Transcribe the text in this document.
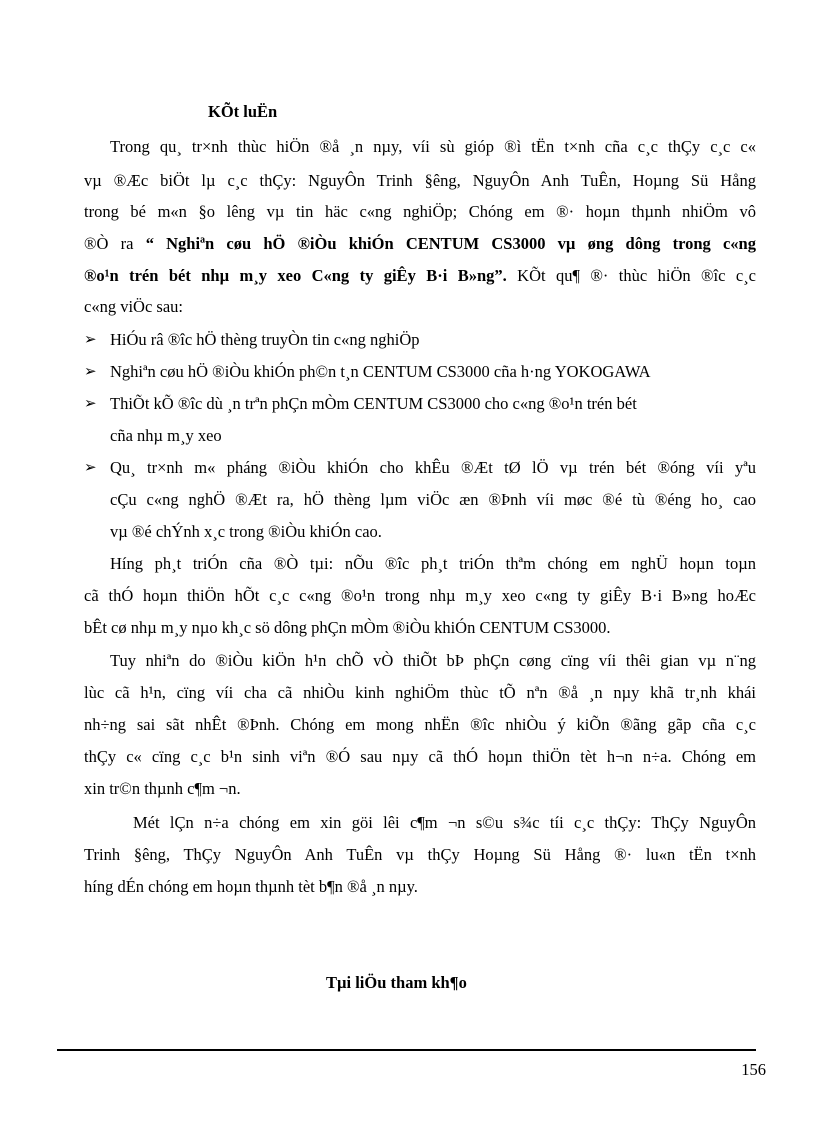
KÕt luËn
Trong qu¸ tr×nh thùc hiÖn ®å ¸n nµy, víi sù gióp ®ì tËn t×nh cña c¸c thÇy c¸c c«
vµ ®Æc biÖt lµ c¸c thÇy: NguyÔn Trinh §êng, NguyÔn Anh TuÊn, Hoµng Sü Hång
trong bé m«n §o lêng vµ tin häc c«ng nghiÖp; Chóng em ®· hoµn thµnh nhiÖm vô
®Ò ra “ Nghiªn cøu hÖ ®iÒu khiÓn CENTUM CS3000 vµ øng dông trong c«ng
®o¹n trén bét nhµ m¸y xeo C«ng ty giÊy B·i B»ng”. KÕt qu¶ ®· thùc hiÖn ®îc c¸c
c«ng viÖc sau:
➢ HiÓu râ ®îc hÖ thèng truyÒn tin c«ng nghiÖp
➢ Nghiªn cøu hÖ ®iÒu khiÓn ph©n t¸n CENTUM CS3000 cña h·ng YOKOGAWA
➢ ThiÕt kÕ ®îc dù ¸n trªn phÇn mÒm CENTUM CS3000 cho c«ng ®o¹n trén bét
cña nhµ m¸y xeo
➢ Qu¸ tr×nh m« pháng ®iÒu khiÓn cho khÊu ®Æt tØ lÖ vµ trén bét ®óng víi yªu
cÇu c«ng nghÖ ®Æt ra, hÖ thèng lµm viÖc æn ®Þnh víi møc ®é tù ®éng ho¸ cao
vµ ®é chÝnh x¸c trong ®iÒu khiÓn cao.
Híng ph¸t triÓn cña ®Ò tµi: nÕu ®îc ph¸t triÓn thªm chóng em nghÜ hoµn toµn
cã thÓ hoµn thiÖn hÕt c¸c c«ng ®o¹n trong nhµ m¸y xeo c«ng ty giÊy B·i B»ng hoÆc
bÊt cø nhµ m¸y nµo kh¸c sö dông phÇn mÒm ®iÒu khiÓn CENTUM CS3000.
Tuy nhiªn do ®iÒu kiÖn h¹n chÕ vÒ thiÕt bÞ phÇn cøng cïng víi thêi gian vµ n¨ng
lùc cã h¹n, cïng víi cha cã nhiÒu kinh nghiÖm thùc tÕ nªn ®å ¸n nµy khã tr¸nh khái
nh÷ng sai sãt nhÊt ®Þnh. Chóng em mong nhËn ®îc nhiÒu ý kiÕn ®ãng gãp cña c¸c
thÇy c« cïng c¸c b¹n sinh viªn ®Ó sau nµy cã thÓ hoµn thiÖn tèt h¬n n÷a. Chóng em
xin tr©n thµnh c¶m ¬n.
Mét lÇn n÷a chóng em xin göi lêi c¶m ¬n s©u s¾c tíi c¸c thÇy: ThÇy NguyÔn
Trinh §êng, ThÇy NguyÔn Anh TuÊn vµ thÇy Hoµng Sü Hång ®· lu«n tËn t×nh
híng dÉn chóng em hoµn thµnh tèt b¶n ®å ¸n nµy.
Tµi liÖu tham kh¶o
156
